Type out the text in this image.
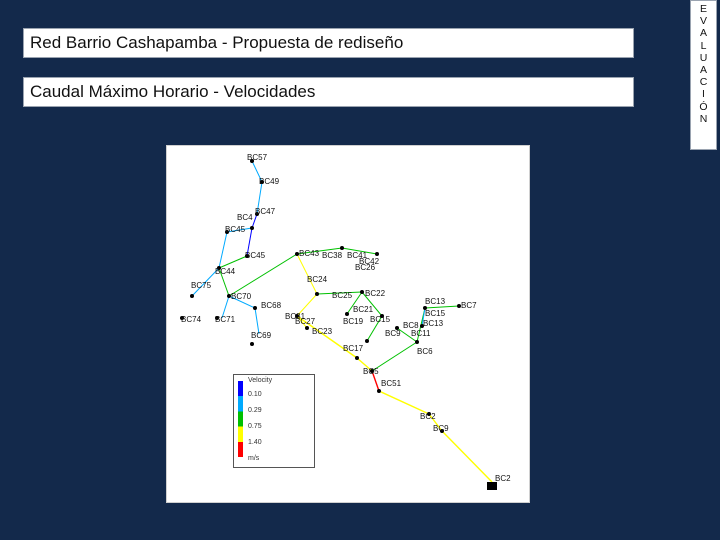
Red Barrio Cashapamba - Propuesta de rediseño
Caudal Máximo Horario - Velocidades
E
V
A
L
U
A
C
I
Ó
N
BC57
BC49
BC47
BC4
BC45
BC45
BC44
BC75
BC70
BC74 BC71
BC69
BC68
BC31
BC27
BC25
BC43 BC38 BC41
BC42
BC26
BC24
BC22
BC21
BC19 BC15
BC23
BC17
BC9
BC8
BC13 BC7
BC15
BC13
BC11
BC6
BC5
BC51
BC2
BC9
BC2
Velocity
0.10
0.29
0.75
1.40
m/s
